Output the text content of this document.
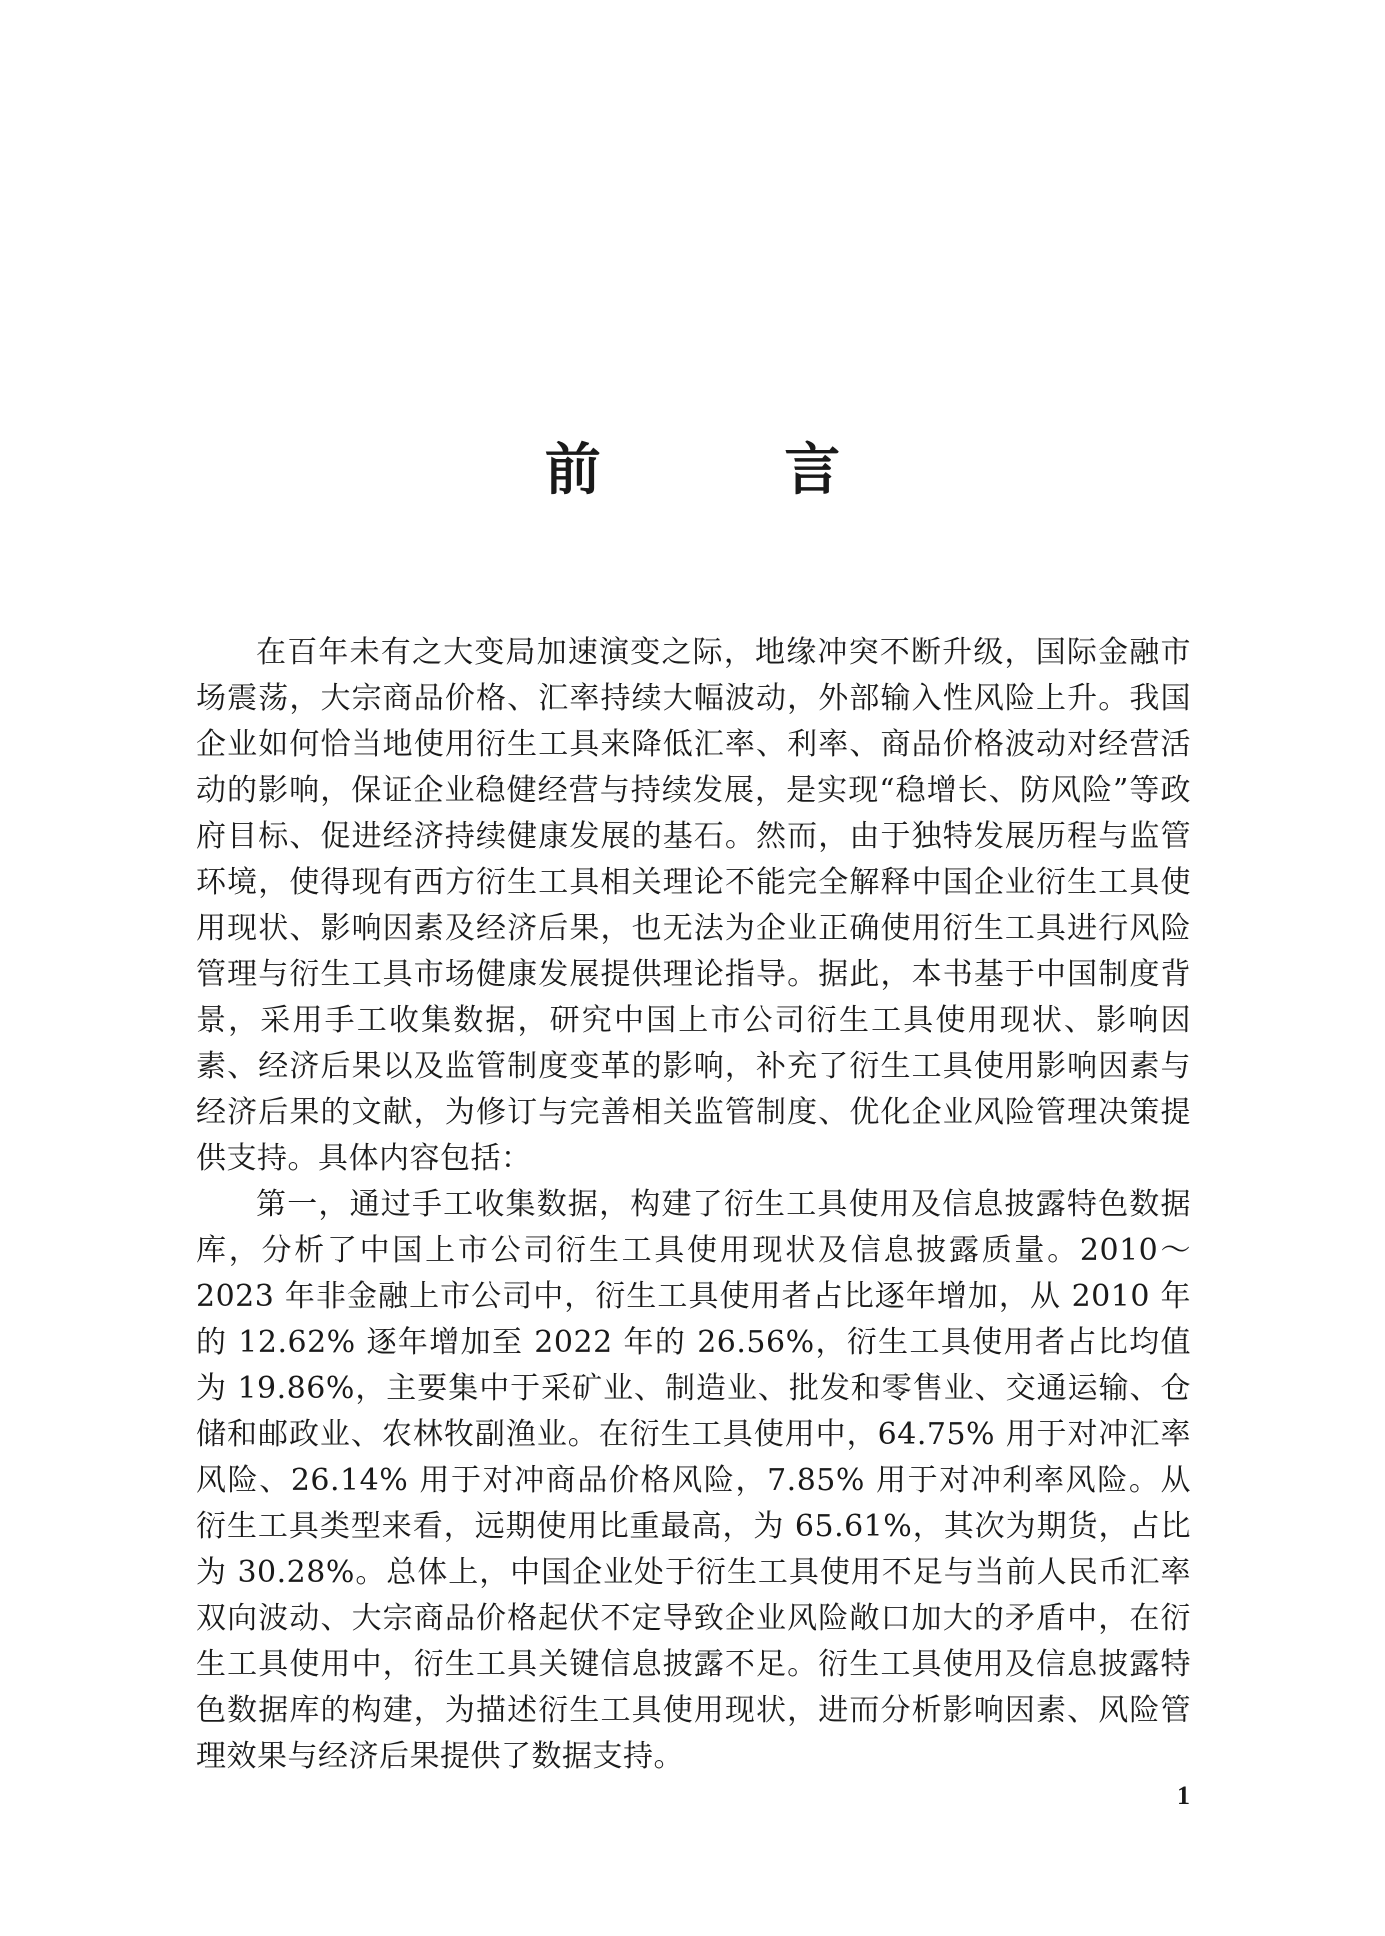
前 言

在百年未有之大变局加速演变之际，地缘冲突不断升级，国际金融市场震荡，大宗商品价格、汇率持续大幅波动，外部输入性风险上升。我国企业如何恰当地使用衍生工具来降低汇率、利率、商品价格波动对经营活动的影响，保证企业稳健经营与持续发展，是实现“稳增长、防风险”等政府目标、促进经济持续健康发展的基石。然而，由于独特发展历程与监管环境，使得现有西方衍生工具相关理论不能完全解释中国企业衍生工具使用现状、影响因素及经济后果，也无法为企业正确使用衍生工具进行风险管理与衍生工具市场健康发展提供理论指导。据此，本书基于中国制度背景，采用手工收集数据，研究中国上市公司衍生工具使用现状、影响因素、经济后果以及监管制度变革的影响，补充了衍生工具使用影响因素与经济后果的文献，为修订与完善相关监管制度、优化企业风险管理决策提供支持。具体内容包括：

第一，通过手工收集数据，构建了衍生工具使用及信息披露特色数据库，分析了中国上市公司衍生工具使用现状及信息披露质量。2010～2023 年非金融上市公司中，衍生工具使用者占比逐年增加，从 2010 年的 12.62% 逐年增加至 2022 年的 26.56%，衍生工具使用者占比均值为 19.86%，主要集中于采矿业、制造业、批发和零售业、交通运输、仓储和邮政业、农林牧副渔业。在衍生工具使用中，64.75% 用于对冲汇率风险、26.14% 用于对冲商品价格风险，7.85% 用于对冲利率风险。从衍生工具类型来看，远期使用比重最高，为 65.61%，其次为期货，占比为 30.28%。总体上，中国企业处于衍生工具使用不足与当前人民币汇率双向波动、大宗商品价格起伏不定导致企业风险敞口加大的矛盾中，在衍生工具使用中，衍生工具关键信息披露不足。衍生工具使用及信息披露特色数据库的构建，为描述衍生工具使用现状，进而分析影响因素、风险管理效果与经济后果提供了数据支持。

1
